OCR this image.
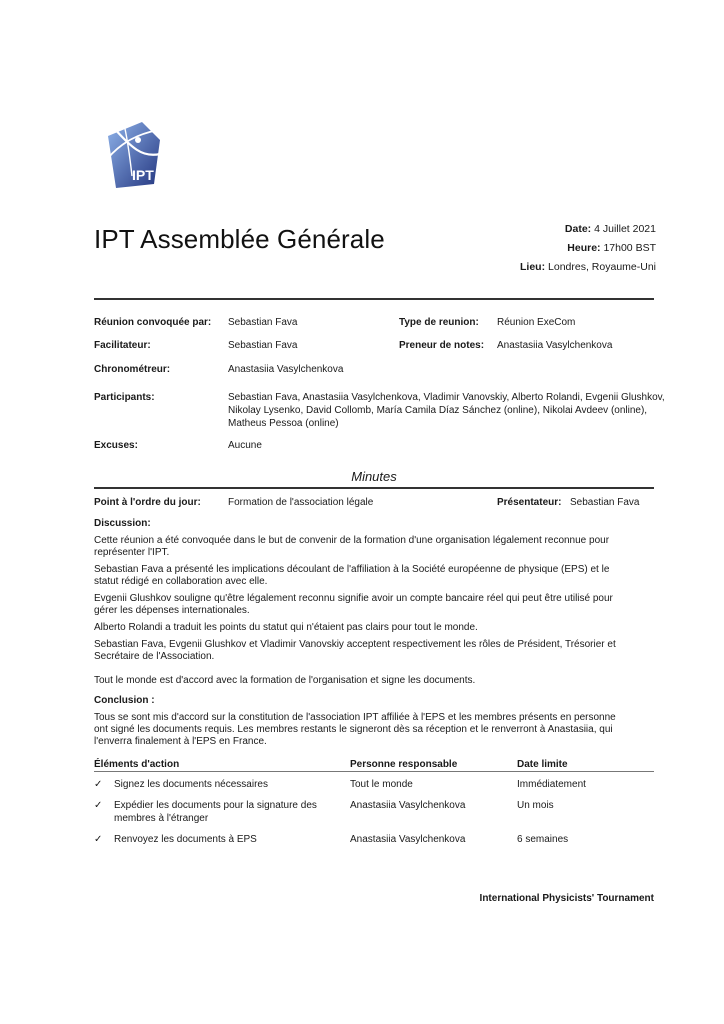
IPT
IPT Assemblée Générale	Date: 4 Juillet 2021
Heure: 17h00 BST
Lieu: Londres, Royaume-Uni
Réunion convoquée par: Sebastian Fava	Type de reunion: Réunion ExeCom
Facilitateur:	Sebastian Fava	Preneur de notes: Anastasiia Vasylchenkova
Chronométreur:	Anastasiia Vasylchenkova
Participants:	Sebastian Fava, Anastasiia Vasylchenkova, Vladimir Vanovskiy, Alberto Rolandi, Evgenii Glushkov,
Nikolay Lysenko, David Collomb, María Camila Díaz Sánchez (online), Nikolai Avdeev (online),
Matheus Pessoa (online)
Excuses:	Aucune
Minutes
Point à l'ordre du jour:	Formation de l'association légale	Présentateur: Sebastian Fava
Discussion:
Cette réunion a été convoquée dans le but de convenir de la formation d'une organisation légalement reconnue pour
représenter l'IPT.
Sebastian Fava a présenté les implications découlant de l'affiliation à la Société européenne de physique (EPS) et le
statut rédigé en collaboration avec elle.
Evgenii Glushkov souligne qu'être légalement reconnu signifie avoir un compte bancaire réel qui peut être utilisé pour
gérer les dépenses internationales.
Alberto Rolandi a traduit les points du statut qui n'étaient pas clairs pour tout le monde.
Sebastian Fava, Evgenii Glushkov et Vladimir Vanovskiy acceptent respectivement les rôles de Président, Trésorier et
Secrétaire de l'Association.
Tout le monde est d'accord avec la formation de l'organisation et signe les documents.
Conclusion :
Tous se sont mis d'accord sur la constitution de l'association IPT affiliée à l'EPS et les membres présents en personne
ont signé les documents requis. Les membres restants le signeront dès sa réception et le renverront à Anastasiia, qui
l'enverra finalement à l'EPS en France.
Éléments d'action	Personne responsable	Date limite
✓ Signez les documents nécessaires	Tout le monde	Immédiatement
✓ Expédier les documents pour la signature des
membres à l'étranger
Anastasiia Vasylchenkova	Un mois
✓ Renvoyez les documents à EPS	Anastasiia Vasylchenkova	6 semaines
International Physicists' Tournament
